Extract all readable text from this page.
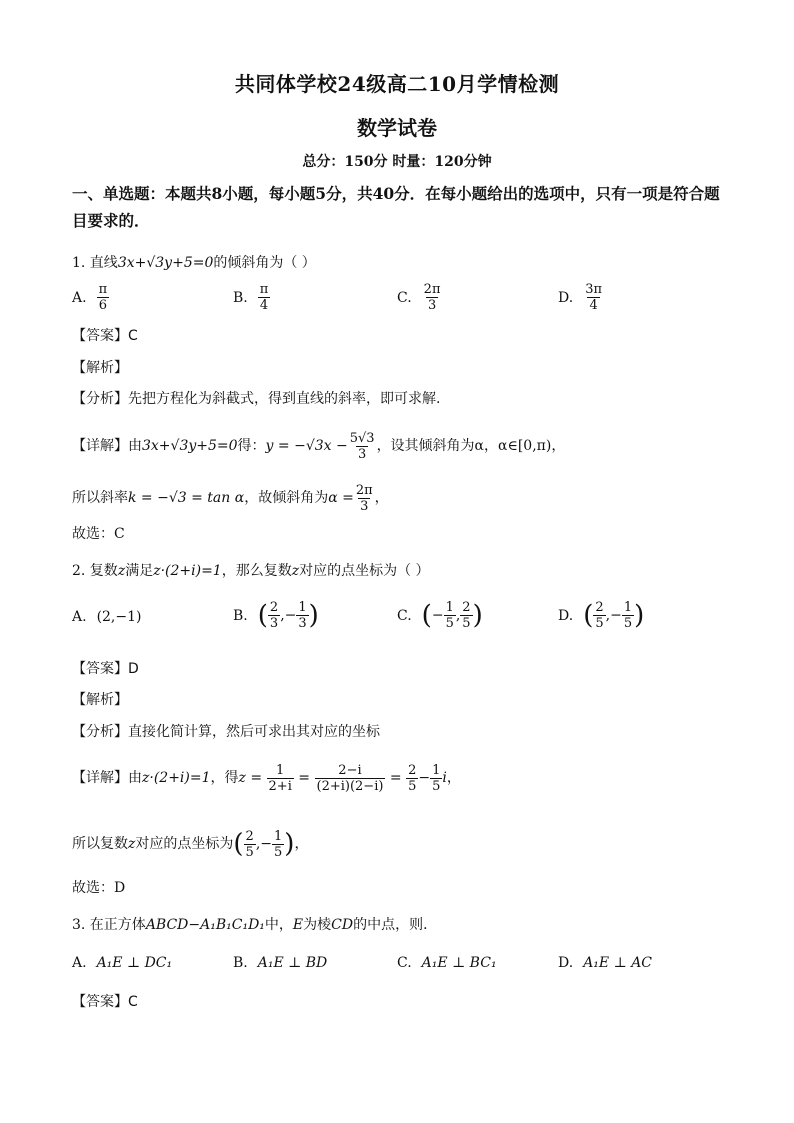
共同体学校24级高二10月学情检测
数学试卷
总分：150分 时量：120分钟
一、单选题：本题共8小题，每小题5分，共40分．在每小题给出的选项中，只有一项是符合题目要求的．
1. 直线3x+√3y+5=0的倾斜角为（ ）
A. $\frac{\pi}{6}$	B. $\frac{\pi}{4}$	C. $\frac{2\pi}{3}$	D. $\frac{3\pi}{4}$
【答案】C
【解析】
【分析】先把方程化为斜截式，得到直线的斜率，即可求解.
【详解】由3x+√3y+5=0得：$y = -√3x - \frac{5√3}{3}$ ，设其倾斜角为α，α∈[0,π)，
所以斜率k = −√3 = tan α，故倾斜角为$\alpha = \frac{2\pi}{3}$ ，
故选：C
2. 复数z满足z·(2+i)=1，那么复数z对应的点坐标为（ ）
A. (2,−1)	B. ( $\frac{2}{3}$ ,− $\frac{1}{3}$ )	C. (− $\frac{1}{5}$ , $\frac{2}{5}$ )	D. ( $\frac{2}{5}$ ,− $\frac{1}{5}$ )
【答案】D
【解析】
【分析】直接化简计算，然后可求出其对应的坐标
【详解】由z·(2+i)=1，得$z = \frac{1}{2+i} = \frac{2-i}{(2+i)(2-i)} = \frac{2}{5} - \frac{1}{5}$ i，
所以复数z对应的点坐标为( $\frac{2}{5}$ ,− $\frac{1}{5}$ )，
故选：D
3. 在正方体ABCD−A₁B₁C₁D₁中，E为棱CD的中点，则．
A. A₁E ⊥ DC₁	B. A₁E ⊥ BD	C. A₁E ⊥ BC₁	D. A₁E ⊥ AC
【答案】C
